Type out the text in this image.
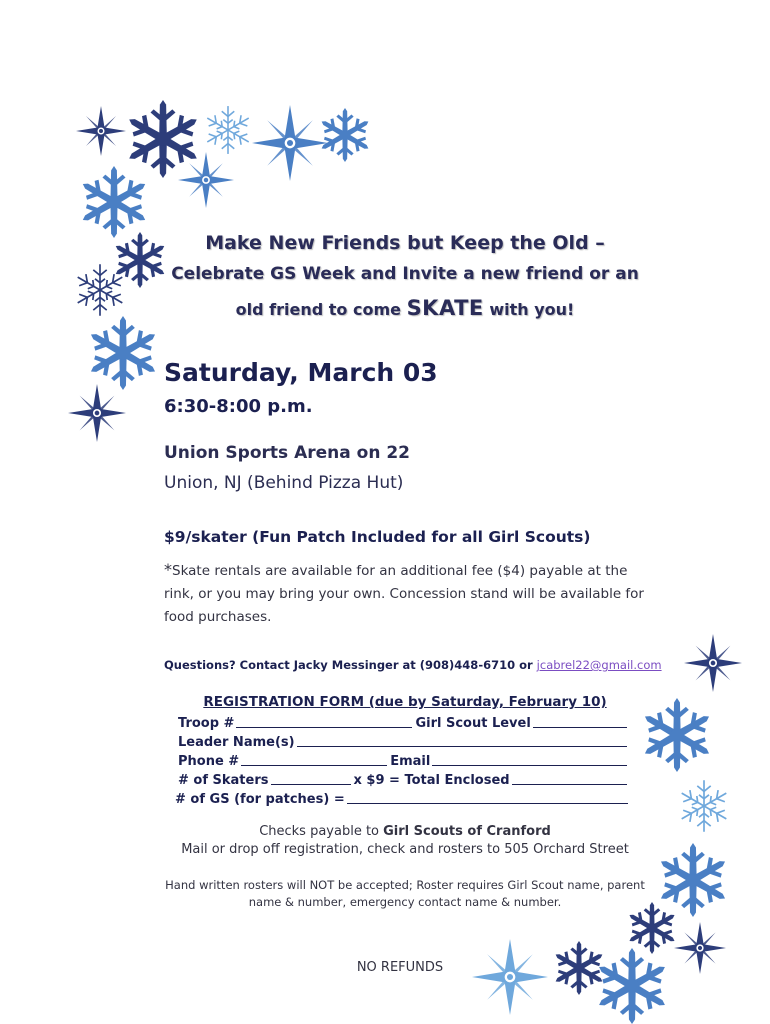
Make New Friends but Keep the Old –
Celebrate GS Week and Invite a new friend or an
old friend to come SKATE with you!
Saturday, March 03
6:30-8:00 p.m.
Union Sports Arena on 22
Union, NJ (Behind Pizza Hut)
$9/skater (Fun Patch Included for all Girl Scouts)
*Skate rentals are available for an additional fee ($4) payable at the rink, or you may bring your own. Concession stand will be available for food purchases.
Questions? Contact Jacky Messinger at (908)448-6710 or jcabrel22@gmail.com
REGISTRATION FORM (due by Saturday, February 10)
Troop #	Girl Scout Level
Leader Name(s)
Phone #	Email
# of Skaters	x $9 = Total Enclosed
# of GS (for patches) =
Checks payable to Girl Scouts of Cranford
Mail or drop off registration, check and rosters to 505 Orchard Street
Hand written rosters will NOT be accepted; Roster requires Girl Scout name, parent name & number, emergency contact name & number.
NO REFUNDS
